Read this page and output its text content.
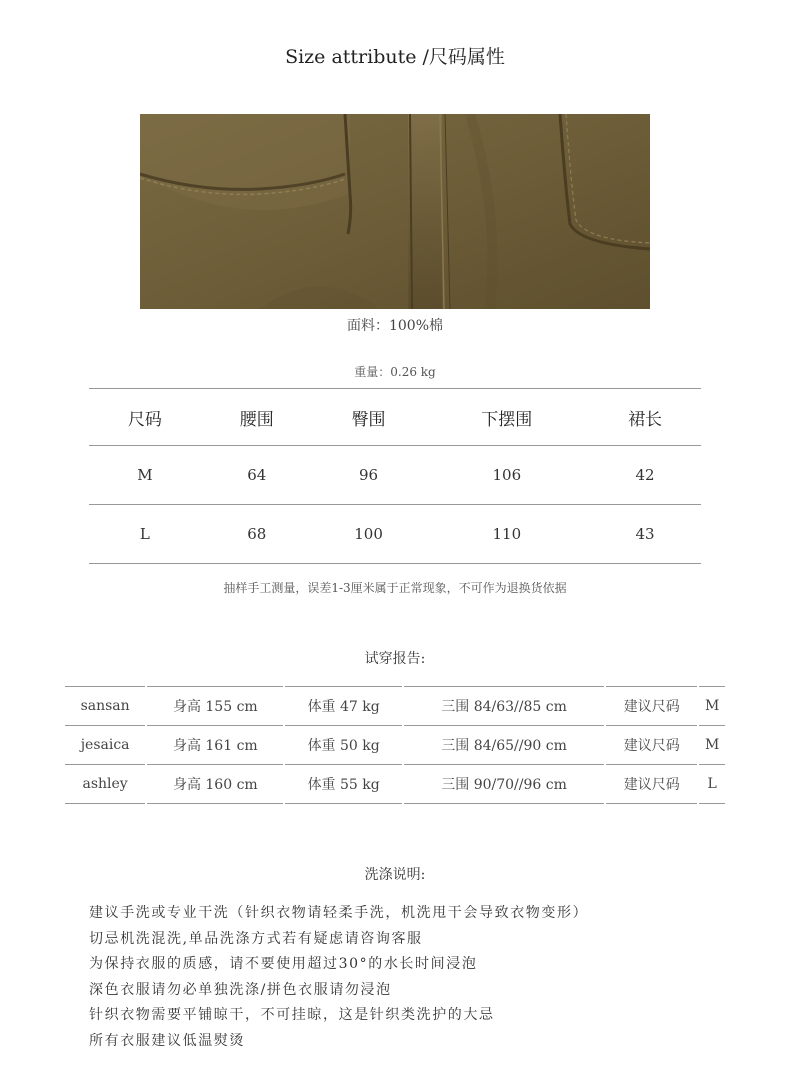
Size attribute /尺码属性
面料：100%棉
重量：0.26 kg
尺码	腰围	臀围	下摆围	裙长
M	64	96	106	42
L	68	100	110	43
抽样手工测量，误差1-3厘米属于正常现象，不可作为退换货依据
试穿报告:
sansan	身高 155 cm	体重 47 kg	三围 84/63//85 cm	建议尺码	M
jesaica	身高 161 cm	体重 50 kg	三围 84/65//90 cm	建议尺码	M
ashley	身高 160 cm	体重 55 kg	三围 90/70//96 cm	建议尺码	L
洗涤说明:
建议手洗或专业干洗（针织衣物请轻柔手洗，机洗甩干会导致衣物变形）
切忌机洗混洗,单品洗涤方式若有疑虑请咨询客服
为保持衣服的质感，请不要使用超过30°的水长时间浸泡
深色衣服请勿必单独洗涤/拼色衣服请勿浸泡
针织衣物需要平铺晾干，不可挂晾，这是针织类洗护的大忌
所有衣服建议低温熨烫
